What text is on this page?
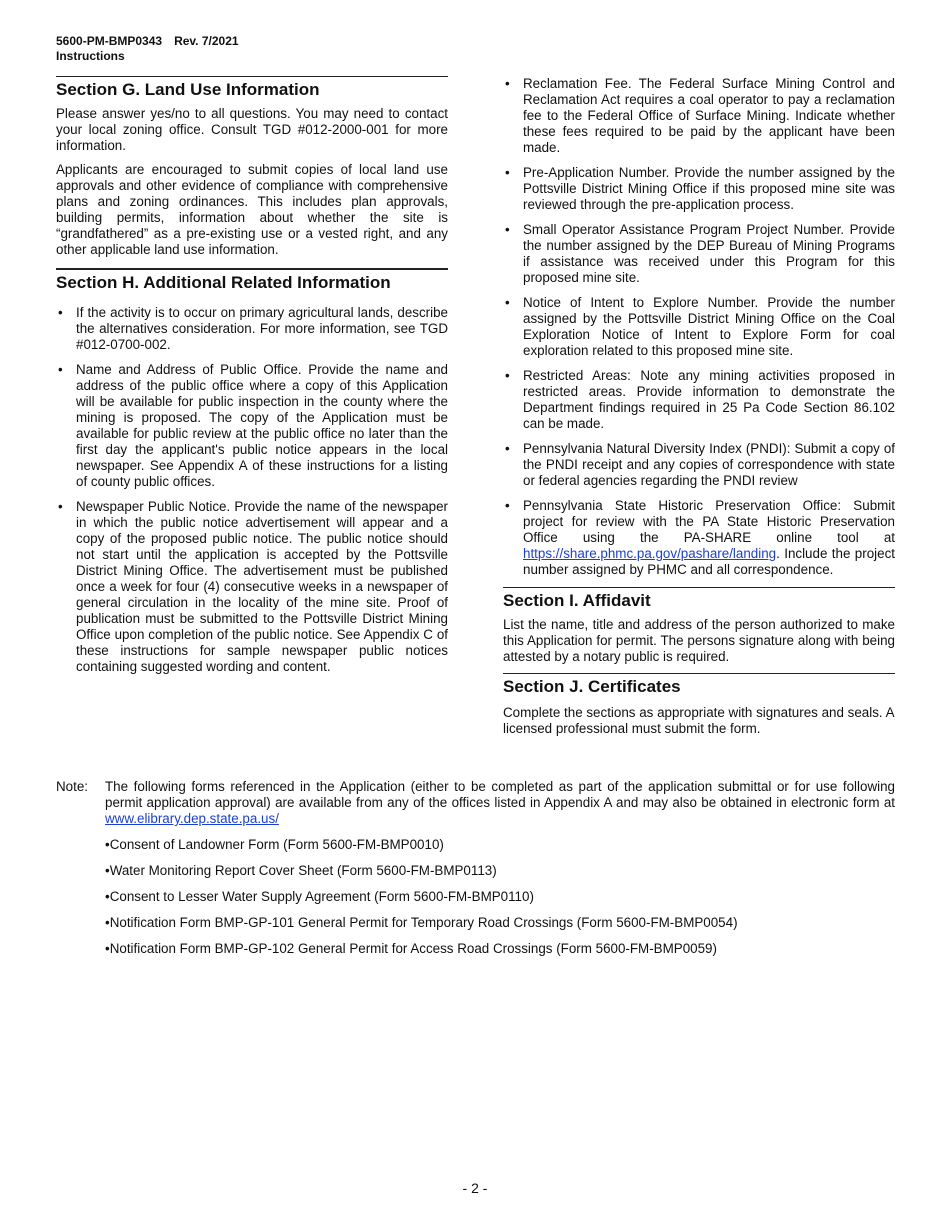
5600-PM-BMP0343 Rev. 7/2021
Instructions
Section G. Land Use Information

Please answer yes/no to all questions. You may need to contact your local zoning office. Consult TGD #012-2000-001 for more information.

Applicants are encouraged to submit copies of local land use approvals and other evidence of compliance with comprehensive plans and zoning ordinances. This includes plan approvals, building permits, information about whether the site is “grandfathered” as a pre-existing use or a vested right, and any other applicable land use information.

Section H. Additional Related Information
• If the activity is to occur on primary agricultural lands, describe the alternatives consideration. For more information, see TGD #012-0700-002.
• Name and Address of Public Office. Provide the name and address of the public office where a copy of this Application will be available for public inspection in the county where the mining is proposed. The copy of the Application must be available for public review at the public office no later than the first day the applicant's public notice appears in the local newspaper. See Appendix A of these instructions for a listing of county public offices.
• Newspaper Public Notice. Provide the name of the newspaper in which the public notice advertisement will appear and a copy of the proposed public notice. The public notice should not start until the application is accepted by the Pottsville District Mining Office. The advertisement must be published once a week for four (4) consecutive weeks in a newspaper of general circulation in the locality of the mine site. Proof of publication must be submitted to the Pottsville District Mining Office upon completion of the public notice. See Appendix C of these instructions for sample newspaper public notices containing suggested wording and content.
• Reclamation Fee. The Federal Surface Mining Control and Reclamation Act requires a coal operator to pay a reclamation fee to the Federal Office of Surface Mining. Indicate whether these fees required to be paid by the applicant have been made.
• Pre-Application Number. Provide the number assigned by the Pottsville District Mining Office if this proposed mine site was reviewed through the pre-application process.
• Small Operator Assistance Program Project Number. Provide the number assigned by the DEP Bureau of Mining Programs if assistance was received under this Program for this proposed mine site.
• Notice of Intent to Explore Number. Provide the number assigned by the Pottsville District Mining Office on the Coal Exploration Notice of Intent to Explore Form for coal exploration related to this proposed mine site.
• Restricted Areas: Note any mining activities proposed in restricted areas. Provide information to demonstrate the Department findings required in 25 Pa Code Section 86.102 can be made.
• Pennsylvania Natural Diversity Index (PNDI): Submit a copy of the PNDI receipt and any copies of correspondence with state or federal agencies regarding the PNDI review
• Pennsylvania State Historic Preservation Office: Submit project for review with the PA State Historic Preservation Office using the PA-SHARE online tool at https://share.phmc.pa.gov/pashare/landing. Include the project number assigned by PHMC and all correspondence.
Section I. Affidavit

List the name, title and address of the person authorized to make this Application for permit. The persons signature along with being attested by a notary public is required.

Section J. Certificates

Complete the sections as appropriate with signatures and seals. A licensed professional must submit the form.

Note: The following forms referenced in the Application (either to be completed as part of the application submittal or for use following permit application approval) are available from any of the offices listed in Appendix A and may also be obtained in electronic form at www.elibrary.dep.state.pa.us/
• Consent of Landowner Form (Form 5600-FM-BMP0010)
• Water Monitoring Report Cover Sheet (Form 5600-FM-BMP0113)
• Consent to Lesser Water Supply Agreement (Form 5600-FM-BMP0110)
• Notification Form BMP-GP-101 General Permit for Temporary Road Crossings (Form 5600-FM-BMP0054)
• Notification Form BMP-GP-102 General Permit for Access Road Crossings (Form 5600-FM-BMP0059)
- 2 -
